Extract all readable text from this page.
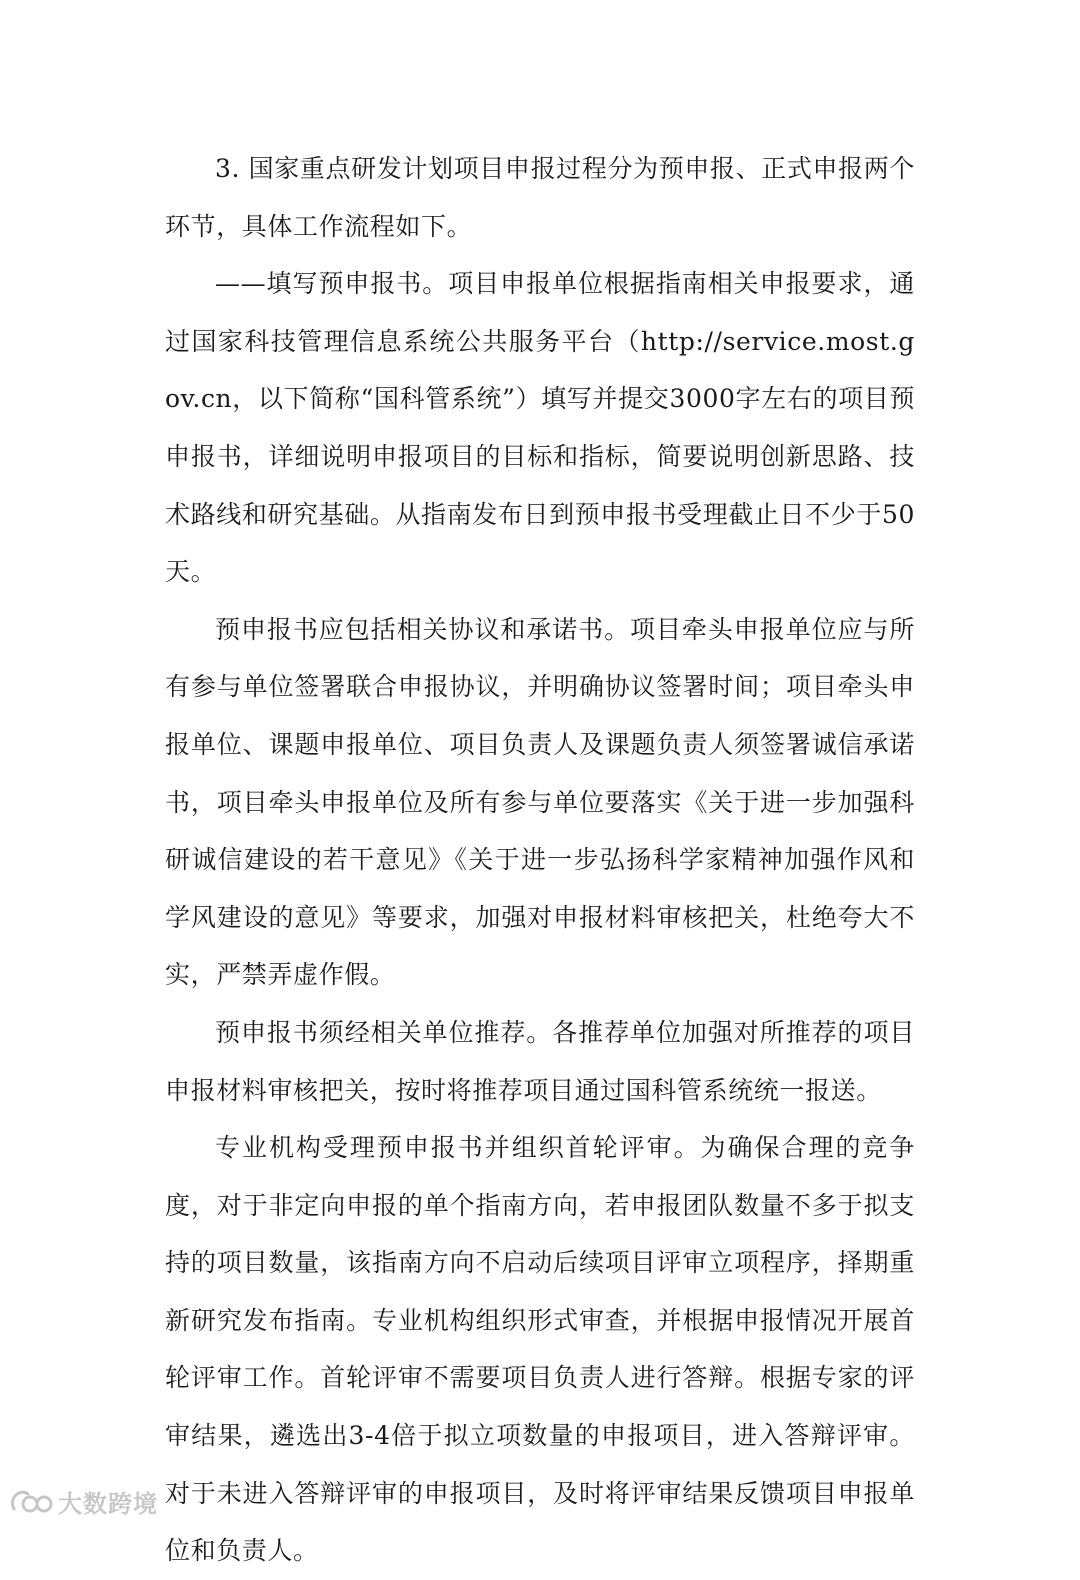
3. 国家重点研发计划项目申报过程分为预申报、正式申报两个环节，具体工作流程如下。

——填写预申报书。项目申报单位根据指南相关申报要求，通过国家科技管理信息系统公共服务平台（http://service.most.gov.cn，以下简称“国科管系统”）填写并提交3000字左右的项目预申报书，详细说明申报项目的目标和指标，简要说明创新思路、技术路线和研究基础。从指南发布日到预申报书受理截止日不少于50天。

预申报书应包括相关协议和承诺书。项目牵头申报单位应与所有参与单位签署联合申报协议，并明确协议签署时间；项目牵头申报单位、课题申报单位、项目负责人及课题负责人须签署诚信承诺书，项目牵头申报单位及所有参与单位要落实《关于进一步加强科研诚信建设的若干意见》《关于进一步弘扬科学家精神加强作风和学风建设的意见》等要求，加强对申报材料审核把关，杜绝夸大不实，严禁弄虚作假。

预申报书须经相关单位推荐。各推荐单位加强对所推荐的项目申报材料审核把关，按时将推荐项目通过国科管系统统一报送。

专业机构受理预申报书并组织首轮评审。为确保合理的竞争度，对于非定向申报的单个指南方向，若申报团队数量不多于拟支持的项目数量，该指南方向不启动后续项目评审立项程序，择期重新研究发布指南。专业机构组织形式审查，并根据申报情况开展首轮评审工作。首轮评审不需要项目负责人进行答辩。根据专家的评审结果，遴选出3-4倍于拟立项数量的申报项目，进入答辩评审。对于未进入答辩评审的申报项目，及时将评审结果反馈项目申报单位和负责人。

大数跨境
